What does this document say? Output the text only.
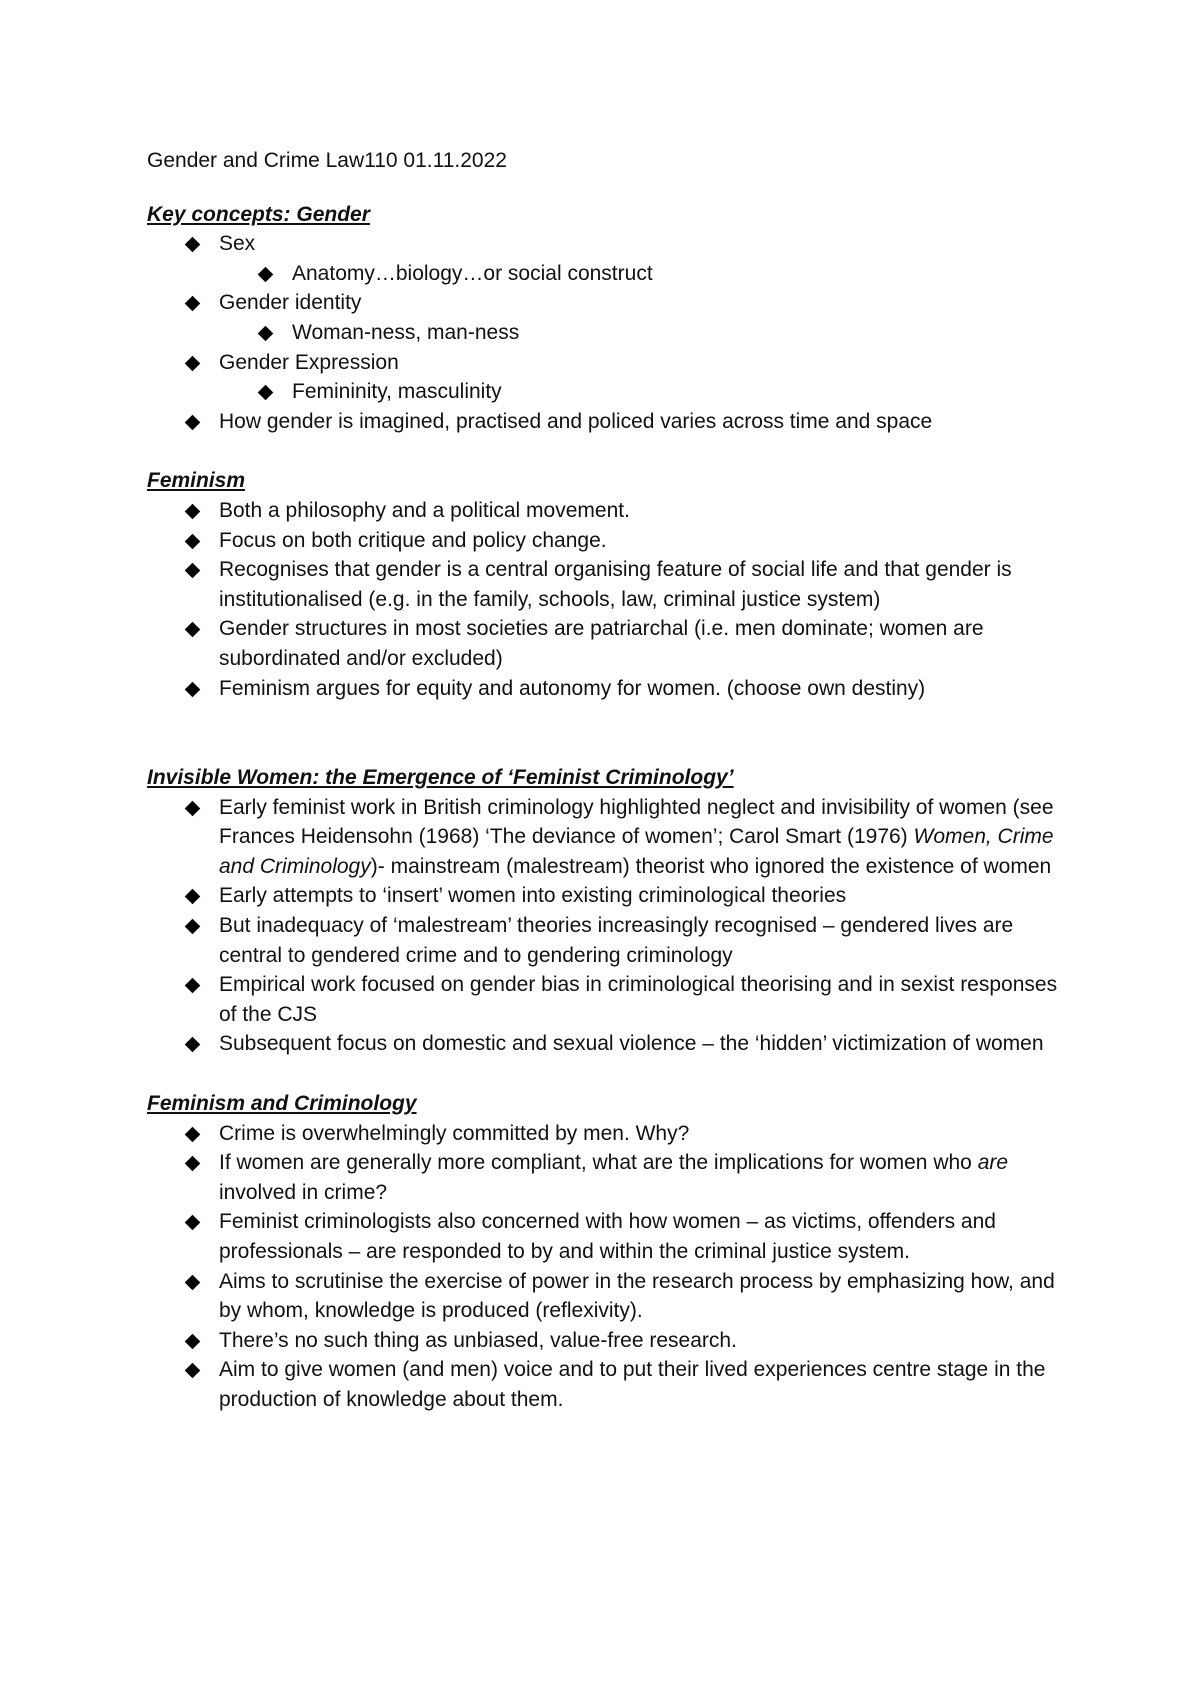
Gender and Crime Law110 01.11.2022

Key concepts: Gender

Sex
Anatomy…biology…or social construct
Gender identity
Woman-ness, man-ness
Gender Expression
Femininity, masculinity
How gender is imagined, practised and policed varies across time and space

Feminism

Both a philosophy and a political movement.
Focus on both critique and policy change.
Recognises that gender is a central organising feature of social life and that gender is institutionalised (e.g. in the family, schools, law, criminal justice system)
Gender structures in most societies are patriarchal (i.e. men dominate; women are subordinated and/or excluded)
Feminism argues for equity and autonomy for women. (choose own destiny)

Invisible Women: the Emergence of ‘Feminist Criminology’

Early feminist work in British criminology highlighted neglect and invisibility of women (see Frances Heidensohn (1968) ‘The deviance of women’; Carol Smart (1976) Women, Crime and Criminology)- mainstream (malestream) theorist who ignored the existence of women
Early attempts to ‘insert’ women into existing criminological theories
But inadequacy of ‘malestream’ theories increasingly recognised – gendered lives are central to gendered crime and to gendering criminology
Empirical work focused on gender bias in criminological theorising and in sexist responses of the CJS
Subsequent focus on domestic and sexual violence – the ‘hidden’ victimization of women

Feminism and Criminology

Crime is overwhelmingly committed by men. Why?
If women are generally more compliant, what are the implications for women who are involved in crime?
Feminist criminologists also concerned with how women – as victims, offenders and professionals – are responded to by and within the criminal justice system.
Aims to scrutinise the exercise of power in the research process by emphasizing how, and by whom, knowledge is produced (reflexivity).
There’s no such thing as unbiased, value-free research.
Aim to give women (and men) voice and to put their lived experiences centre stage in the production of knowledge about them.
